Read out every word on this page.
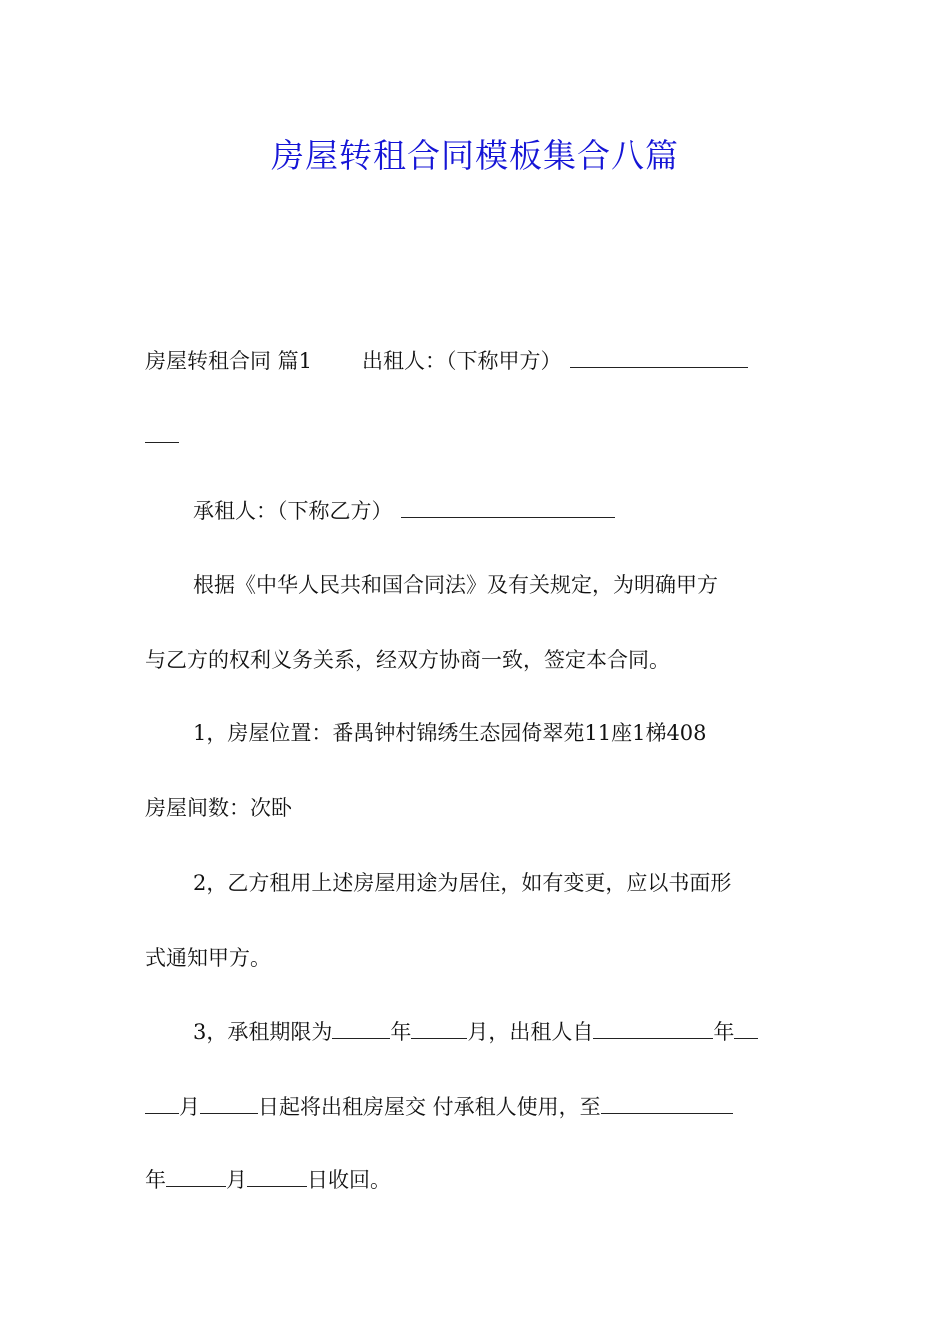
房屋转租合同模板集合八篇
房屋转租合同 篇1 出租人：（下称甲方）
承租人：（下称乙方）
根据《中华人民共和国合同法》及有关规定，为明确甲方
与乙方的权利义务关系，经双方协商一致，签定本合同。
1，房屋位置：番禺钟村锦绣生态园倚翠苑11座1梯408
房屋间数：次卧
2，乙方租用上述房屋用途为居住，如有变更，应以书面形
式通知甲方。
3，承租期限为	年	月，出租人自	年
月	日起将出租房屋交 付承租人使用，至
年	月	日收回。
